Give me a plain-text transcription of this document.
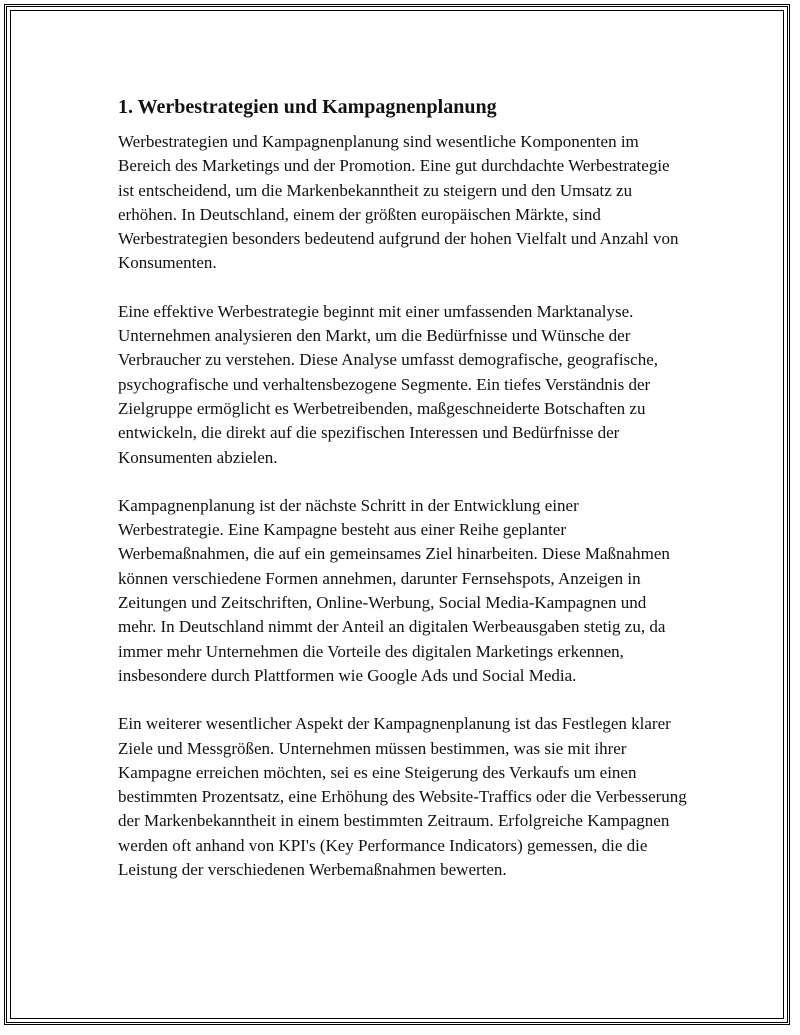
1. Werbestrategien und Kampagnenplanung

Werbestrategien und Kampagnenplanung sind wesentliche Komponenten im Bereich des Marketings und der Promotion. Eine gut durchdachte Werbestrategie ist entscheidend, um die Markenbekanntheit zu steigern und den Umsatz zu erhöhen. In Deutschland, einem der größten europäischen Märkte, sind Werbestrategien besonders bedeutend aufgrund der hohen Vielfalt und Anzahl von Konsumenten.

Eine effektive Werbestrategie beginnt mit einer umfassenden Marktanalyse. Unternehmen analysieren den Markt, um die Bedürfnisse und Wünsche der Verbraucher zu verstehen. Diese Analyse umfasst demografische, geografische, psychografische und verhaltensbezogene Segmente. Ein tiefes Verständnis der Zielgruppe ermöglicht es Werbetreibenden, maßgeschneiderte Botschaften zu entwickeln, die direkt auf die spezifischen Interessen und Bedürfnisse der Konsumenten abzielen.

Kampagnenplanung ist der nächste Schritt in der Entwicklung einer Werbestrategie. Eine Kampagne besteht aus einer Reihe geplanter Werbemaßnahmen, die auf ein gemeinsames Ziel hinarbeiten. Diese Maßnahmen können verschiedene Formen annehmen, darunter Fernsehspots, Anzeigen in Zeitungen und Zeitschriften, Online-Werbung, Social Media-Kampagnen und mehr. In Deutschland nimmt der Anteil an digitalen Werbeausgaben stetig zu, da immer mehr Unternehmen die Vorteile des digitalen Marketings erkennen, insbesondere durch Plattformen wie Google Ads und Social Media.

Ein weiterer wesentlicher Aspekt der Kampagnenplanung ist das Festlegen klarer Ziele und Messgrößen. Unternehmen müssen bestimmen, was sie mit ihrer Kampagne erreichen möchten, sei es eine Steigerung des Verkaufs um einen bestimmten Prozentsatz, eine Erhöhung des Website-Traffics oder die Verbesserung der Markenbekanntheit in einem bestimmten Zeitraum. Erfolgreiche Kampagnen werden oft anhand von KPI's (Key Performance Indicators) gemessen, die die Leistung der verschiedenen Werbemaßnahmen bewerten.
